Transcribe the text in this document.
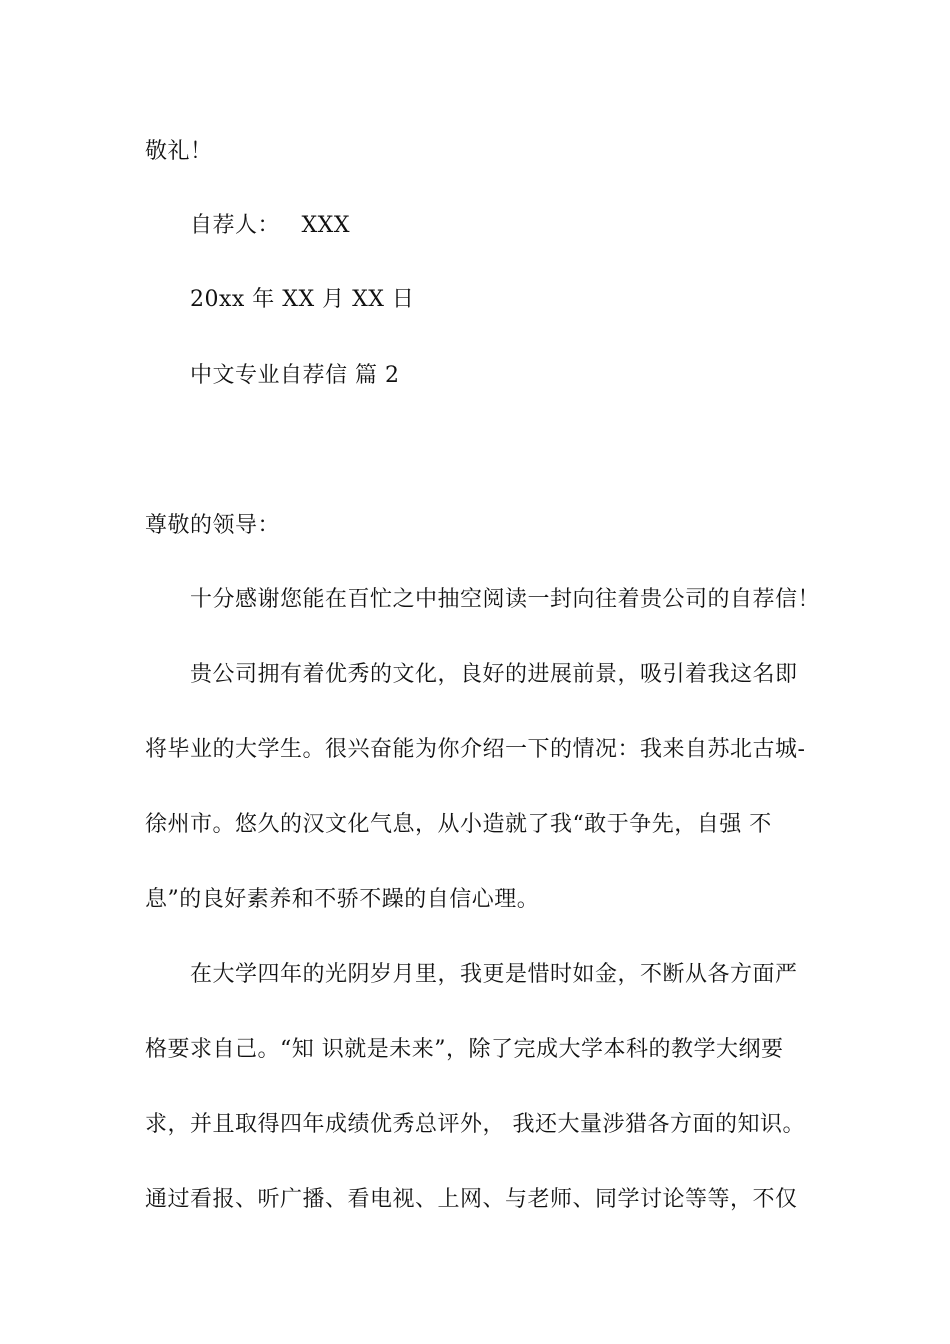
敬礼！
自荐人： XXX
20xx 年 XX 月 XX 日
中文专业自荐信 篇 2
尊敬的领导：
十分感谢您能在百忙之中抽空阅读一封向往着贵公司的自荐信！
贵公司拥有着优秀的文化，良好的进展前景，吸引着我这名即
将毕业的大学生。很兴奋能为你介绍一下的情况：我来自苏北古城-
徐州市。悠久的汉文化气息，从小造就了我“敢于争先，自强 不
息”的良好素养和不骄不躁的自信心理。
在大学四年的光阴岁月里，我更是惜时如金，不断从各方面严
格要求自己。“知 识就是未来”，除了完成大学本科的教学大纲要
求，并且取得四年成绩优秀总评外， 我还大量涉猎各方面的知识。
通过看报、听广播、看电视、上网、与老师、同学讨论等等，不仅
